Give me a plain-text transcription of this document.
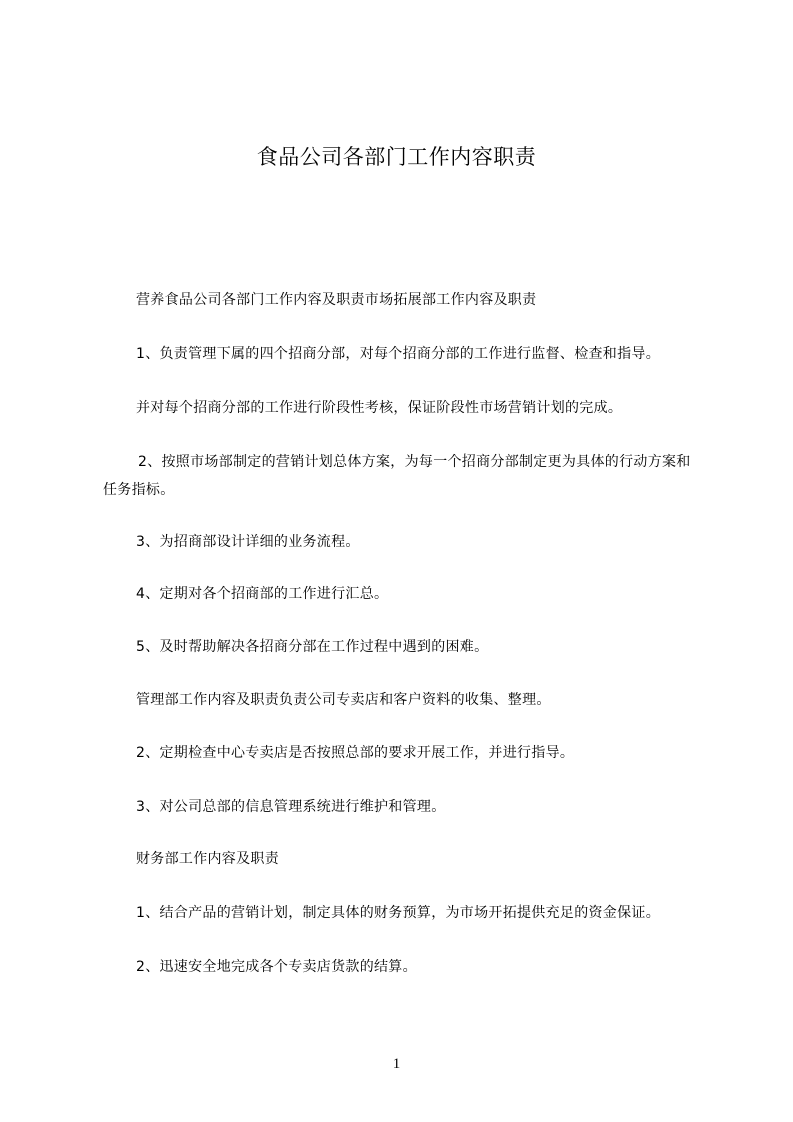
食品公司各部门工作内容职责
营养食品公司各部门工作内容及职责市场拓展部工作内容及职责
1、负责管理下属的四个招商分部，对每个招商分部的工作进行监督、检查和指导。
并对每个招商分部的工作进行阶段性考核，保证阶段性市场营销计划的完成。
2、按照市场部制定的营销计划总体方案，为每一个招商分部制定更为具体的行动方案和任务指标。
3、为招商部设计详细的业务流程。
4、定期对各个招商部的工作进行汇总。
5、及时帮助解决各招商分部在工作过程中遇到的困难。
管理部工作内容及职责负责公司专卖店和客户资料的收集、整理。
2、定期检查中心专卖店是否按照总部的要求开展工作，并进行指导。
3、对公司总部的信息管理系统进行维护和管理。
财务部工作内容及职责
1、结合产品的营销计划，制定具体的财务预算，为市场开拓提供充足的资金保证。
2、迅速安全地完成各个专卖店货款的结算。
1
